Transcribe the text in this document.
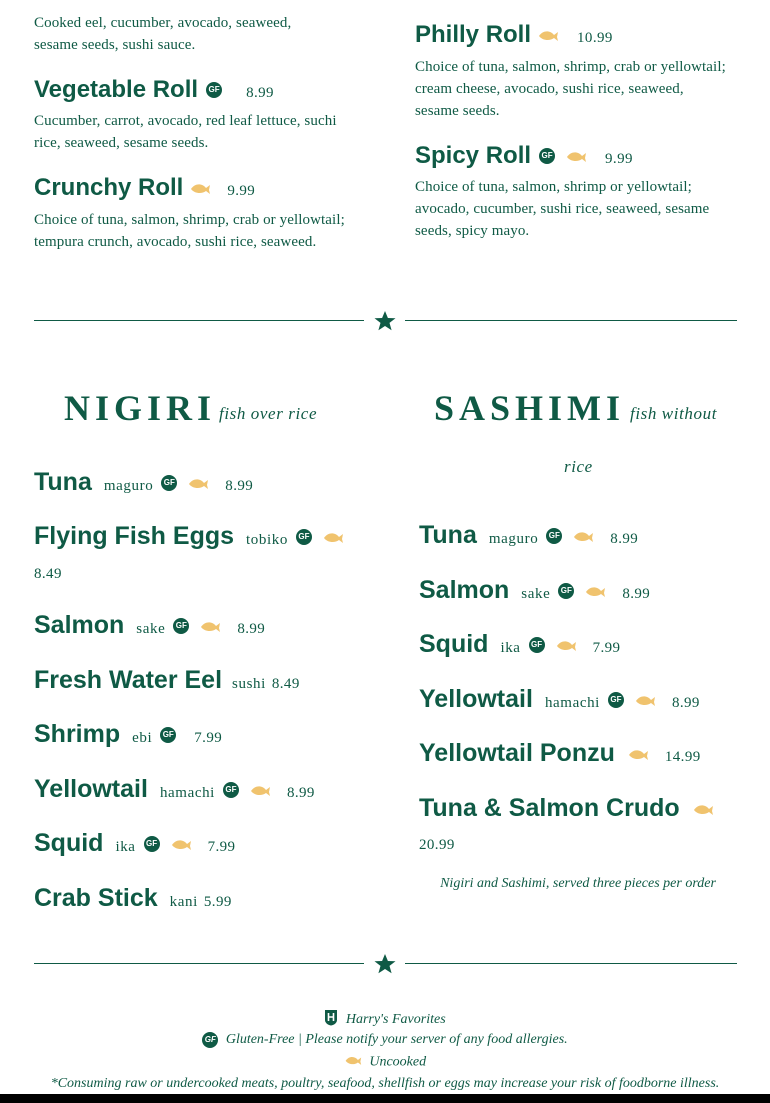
Cooked eel, cucumber, avocado, seaweed, sesame seeds, sushi sauce.
Vegetable Roll GF 8.99
Cucumber, carrot, avocado, red leaf lettuce, suchi rice, seaweed, sesame seeds.
Crunchy Roll	9.99
Choice of tuna, salmon, shrimp, crab or yellowtail; tempura crunch, avocado, sushi rice, seaweed.
Philly Roll	10.99
Choice of tuna, salmon, shrimp, crab or yellowtail; cream cheese, avocado, sushi rice, seaweed, sesame seeds.
Spicy Roll GF	9.99
Choice of tuna, salmon, shrimp or yellowtail; avocado, cucumber, sushi rice, seaweed, sesame seeds, spicy mayo.
NIGIRI fish over rice
Tuna maguro GF	8.99
Flying Fish Eggs tobiko GF
8.49
Salmon sake GF	8.99
Fresh Water Eel sushi 8.49
Shrimp ebi GF 7.99
Yellowtail hamachi GF	8.99
Squid ika GF	7.99
Crab Stick kani 5.99
SASHIMI fish without
rice
Tuna maguro GF	8.99
Salmon sake GF	8.99
Squid ika GF	7.99
Yellowtail hamachi GF	8.99
Yellowtail Ponzu	14.99
Tuna & Salmon Crudo
20.99
Nigiri and Sashimi, served three pieces per order
Harry's Favorites
GF Gluten-Free | Please notify your server of any food allergies.
Uncooked
*Consuming raw or undercooked meats, poultry, seafood, shellfish or eggs may increase your risk of foodborne illness.
